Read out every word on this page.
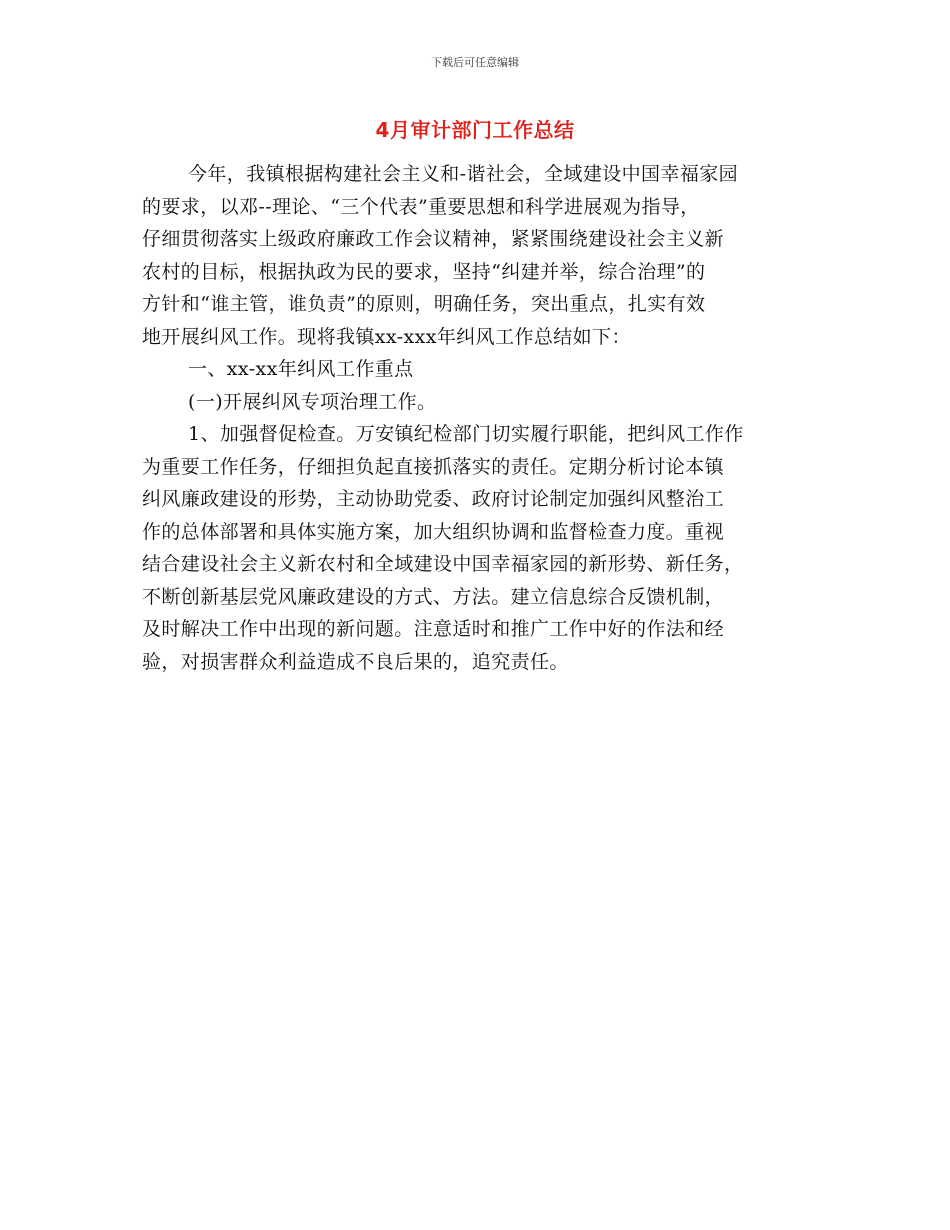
下载后可任意编辑
4月审计部门工作总结
今年，我镇根据构建社会主义和-谐社会，全域建设中国幸福家园
的要求，以邓--理论、“三个代表”重要思想和科学进展观为指导，
仔细贯彻落实上级政府廉政工作会议精神，紧紧围绕建设社会主义新
农村的目标，根据执政为民的要求，坚持“纠建并举，综合治理”的
方针和“谁主管，谁负责”的原则，明确任务，突出重点，扎实有效
地开展纠风工作。现将我镇xx-xxx年纠风工作总结如下：
一、xx-xx年纠风工作重点
(一)开展纠风专项治理工作。
1、加强督促检查。万安镇纪检部门切实履行职能，把纠风工作作
为重要工作任务，仔细担负起直接抓落实的责任。定期分析讨论本镇
纠风廉政建设的形势，主动协助党委、政府讨论制定加强纠风整治工
作的总体部署和具体实施方案，加大组织协调和监督检查力度。重视
结合建设社会主义新农村和全域建设中国幸福家园的新形势、新任务，
不断创新基层党风廉政建设的方式、方法。建立信息综合反馈机制，
及时解决工作中出现的新问题。注意适时和推广工作中好的作法和经
验，对损害群众利益造成不良后果的，追究责任。
